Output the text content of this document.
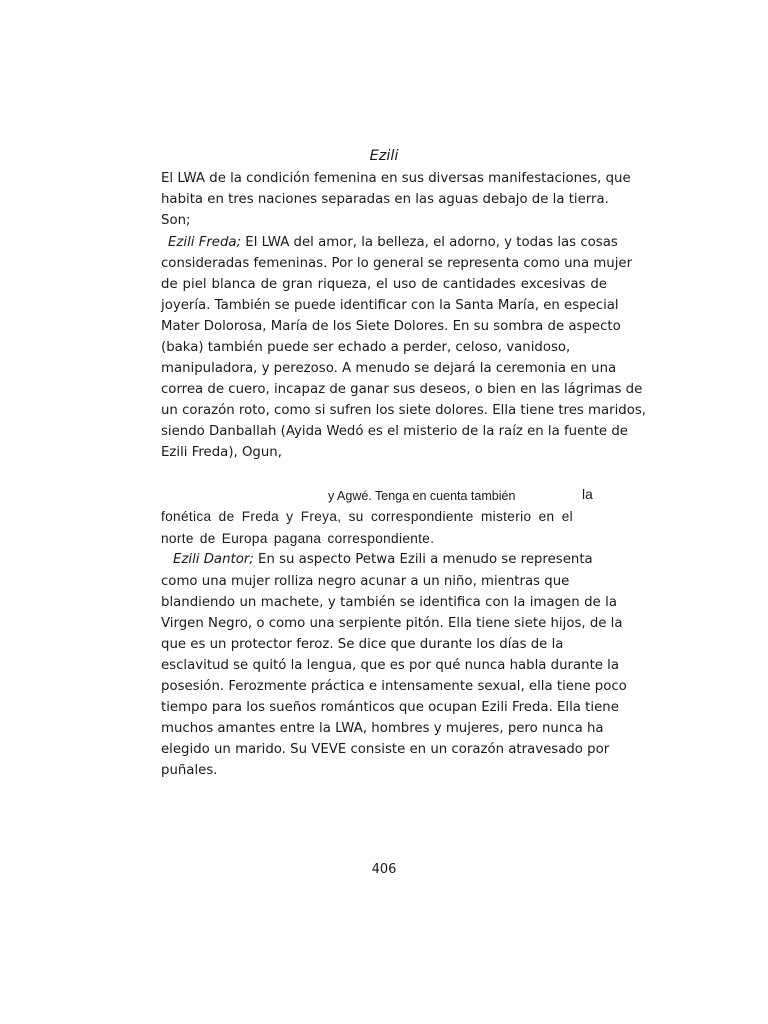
Ezili
El LWA de la condición femenina en sus diversas manifestaciones, que
habita en tres naciones separadas en las aguas debajo de la tierra.
Son;
Ezili Freda; El LWA del amor, la belleza, el adorno, y todas las cosas
consideradas femeninas. Por lo general se representa como una mujer
de piel blanca de gran riqueza, el uso de cantidades excesivas de
joyería. También se puede identificar con la Santa María, en especial
Mater Dolorosa, María de los Siete Dolores. En su sombra de aspecto
(baka) también puede ser echado a perder, celoso, vanidoso,
manipuladora, y perezoso. A menudo se dejará la ceremonia en una
correa de cuero, incapaz de ganar sus deseos, o bien en las lágrimas de
un corazón roto, como si sufren los siete dolores. Ella tiene tres maridos,
siendo Danballah (Ayida Wedó es el misterio de la raíz en la fuente de
Ezili Freda), Ogun,
y Agwé. Tenga en cuenta también	la
fonética de Freda y Freya, su correspondiente misterio en el
norte de Europa pagana correspondiente.
Ezili Dantor; En su aspecto Petwa Ezili a menudo se representa
como una mujer rolliza negro acunar a un niño, mientras que
blandiendo un machete, y también se identifica con la imagen de la
Virgen Negro, o como una serpiente pitón. Ella tiene siete hijos, de la
que es un protector feroz. Se dice que durante los días de la
esclavitud se quitó la lengua, que es por qué nunca habla durante la
posesión. Ferozmente práctica e intensamente sexual, ella tiene poco
tiempo para los sueños románticos que ocupan Ezili Freda. Ella tiene
muchos amantes entre la LWA, hombres y mujeres, pero nunca ha
elegido un marido. Su VEVE consiste en un corazón atravesado por
puñales.
406
